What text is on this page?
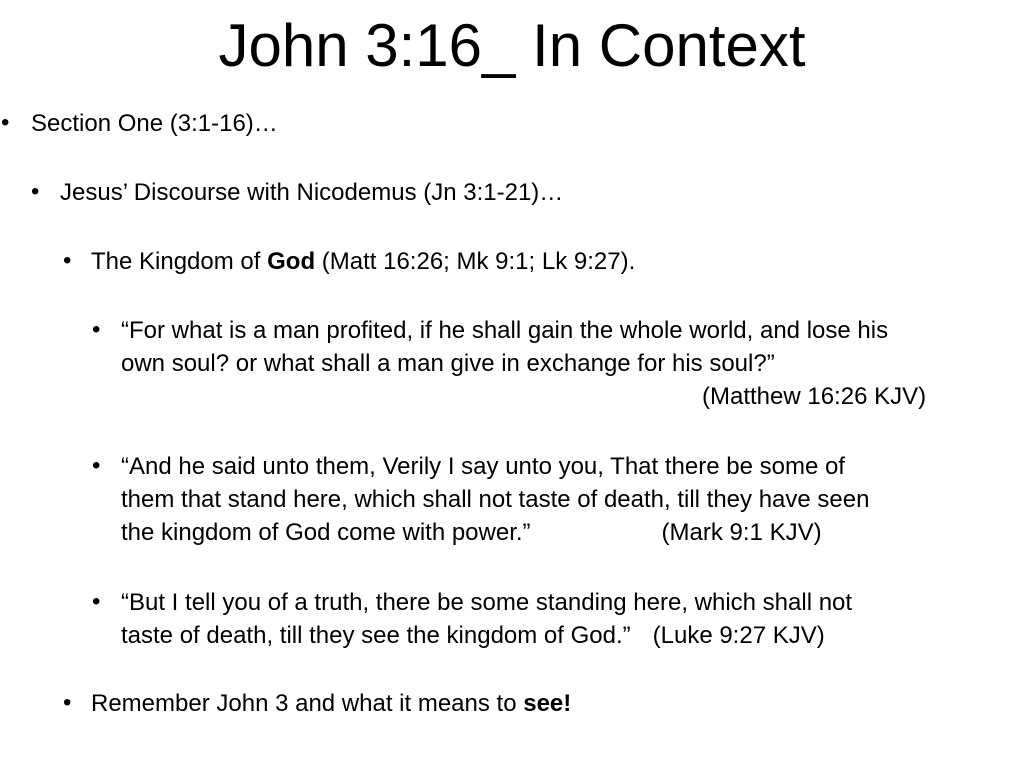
John 3:16_ In Context
• Section One (3:1-16)…
• Jesus’ Discourse with Nicodemus (Jn 3:1-21)…
• The Kingdom of God (Matt 16:26; Mk 9:1; Lk 9:27).
• “For what is a man profited, if he shall gain the whole world, and lose his
own soul? or what shall a man give in exchange for his soul?”
(Matthew 16:26 KJV)
• “And he said unto them, Verily I say unto you, That there be some of
them that stand here, which shall not taste of death, till they have seen
the kingdom of God come with power.”	(Mark 9:1 KJV)
• “But I tell you of a truth, there be some standing here, which shall not
taste of death, till they see the kingdom of God.” (Luke 9:27 KJV)
• Remember John 3 and what it means to see!
